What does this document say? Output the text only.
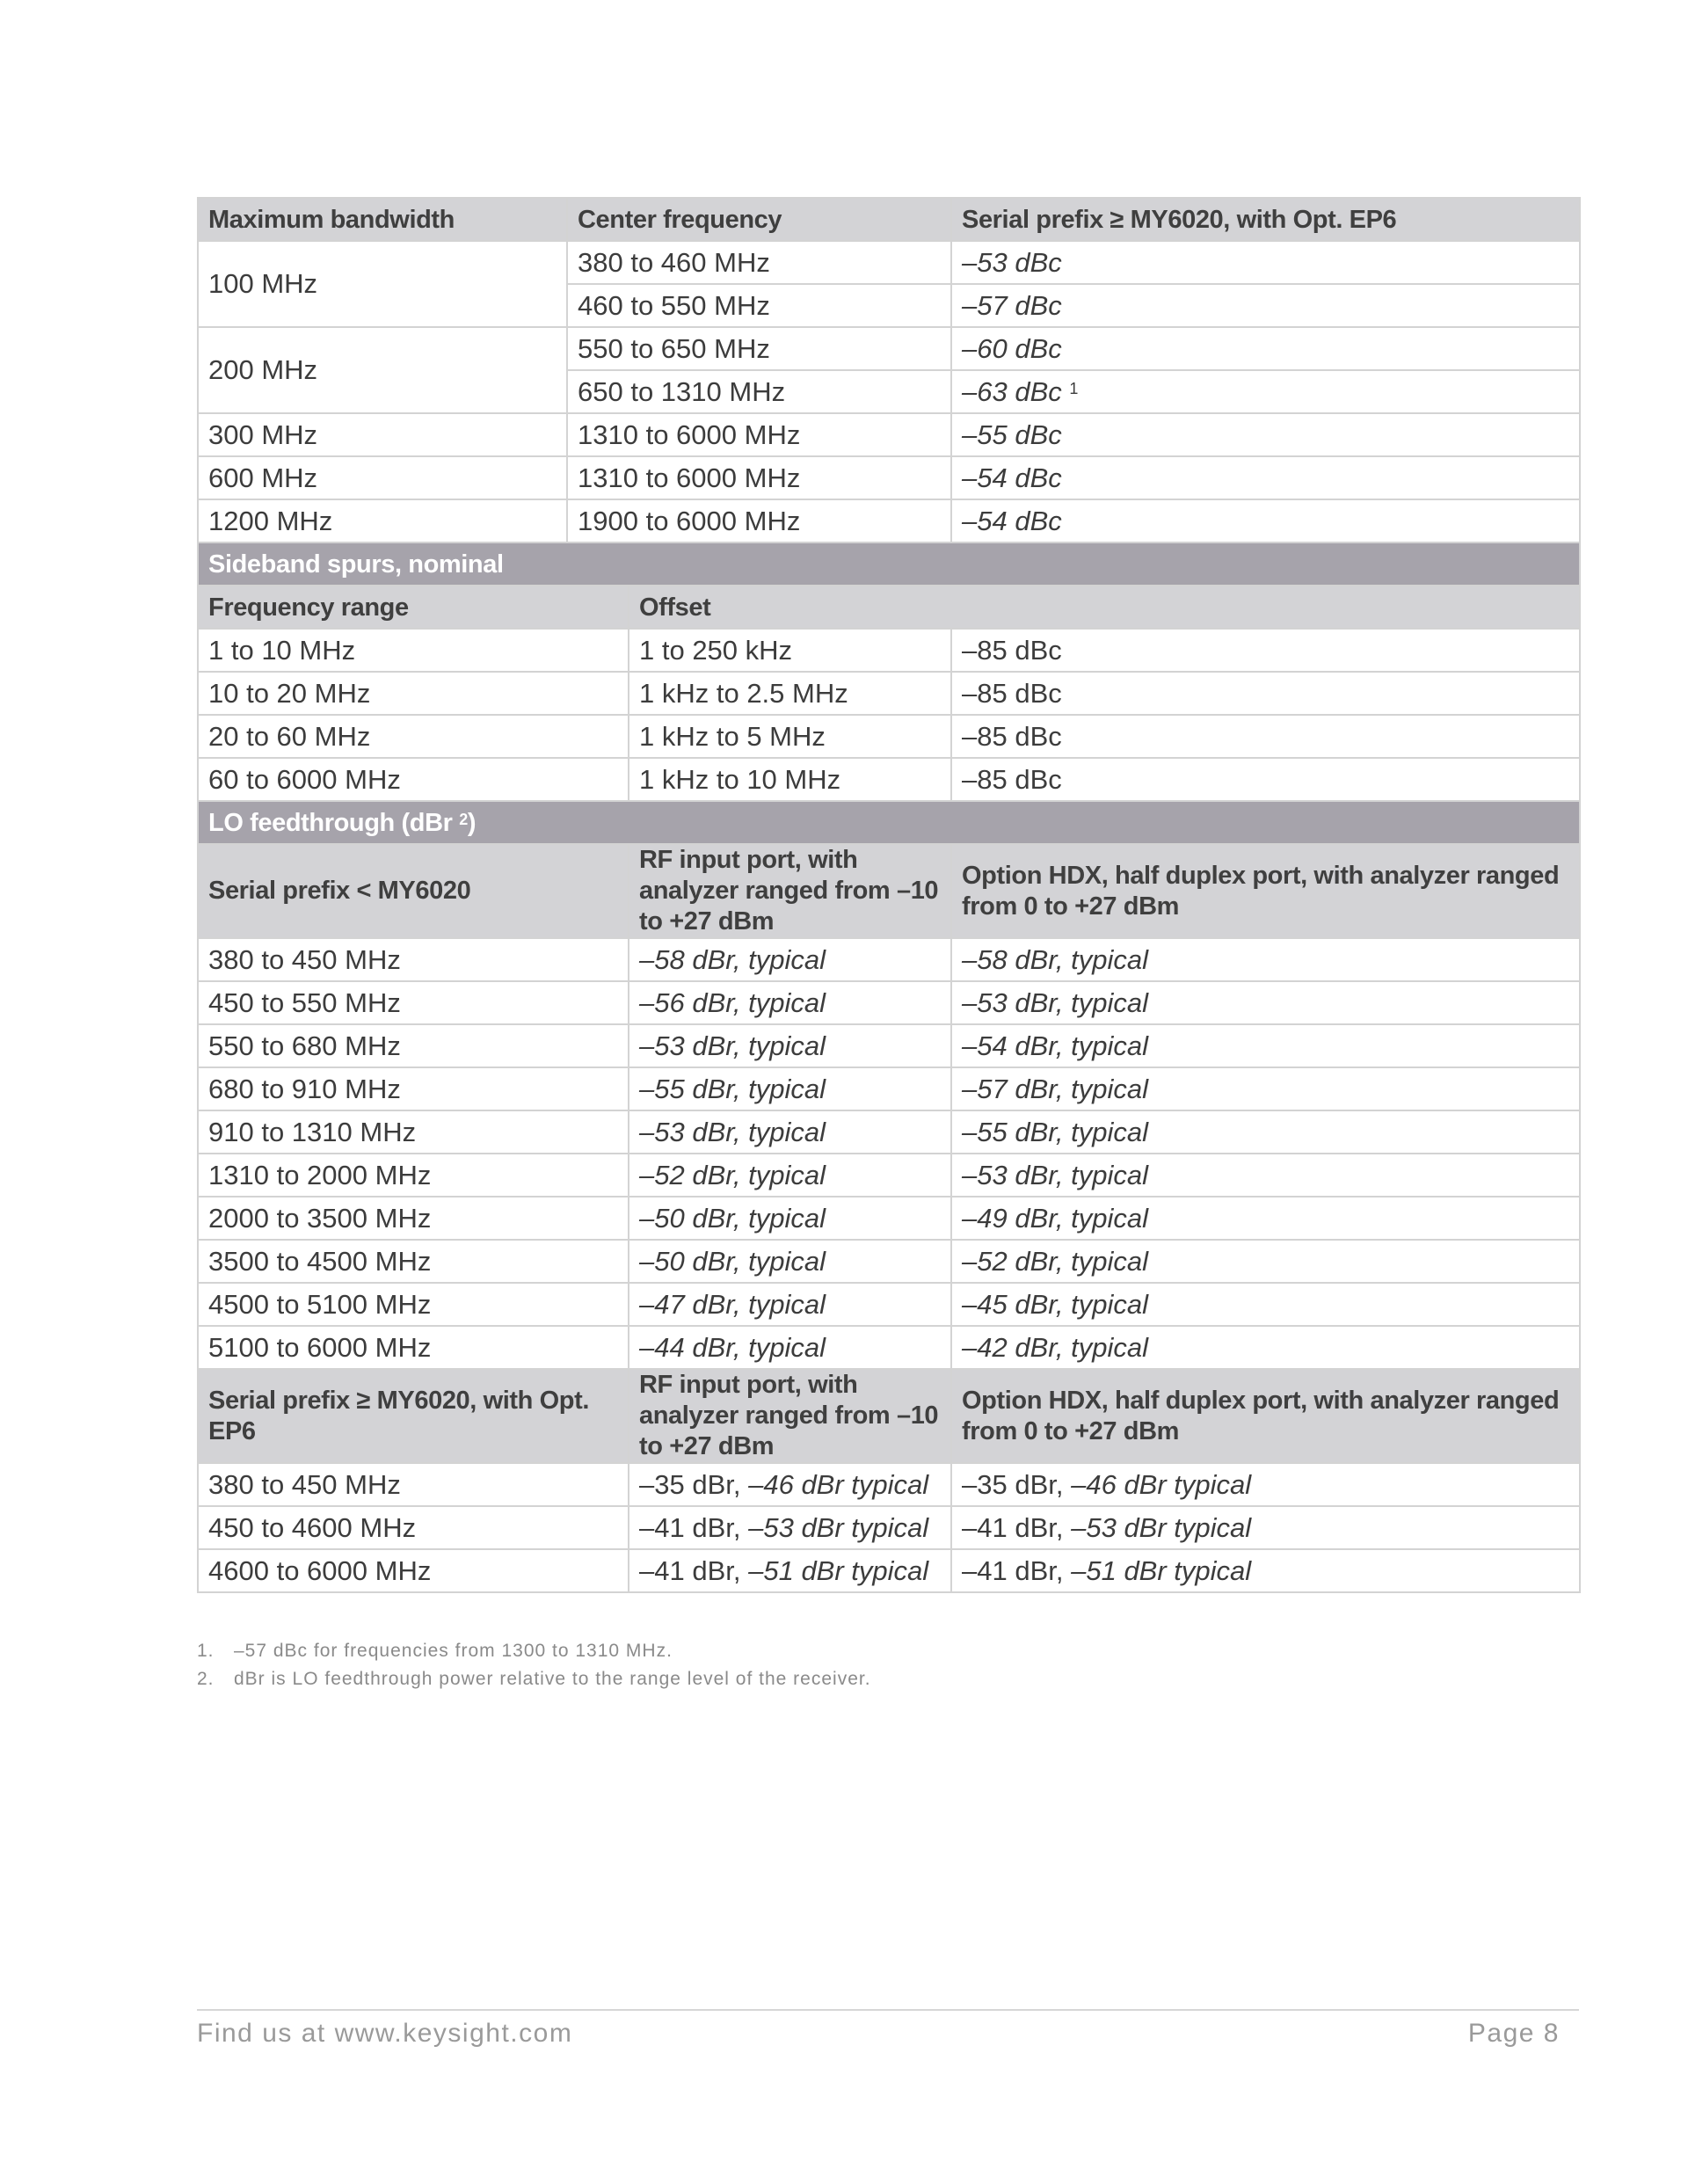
Maximum bandwidth	Center frequency		Serial prefix ≥ MY6020, with Opt. EP6
100 MHz	380 to 460 MHz		–53 dBc
	460 to 550 MHz		–57 dBc
200 MHz	550 to 650 MHz		–60 dBc
	650 to 1310 MHz		–63 dBc $^1$
300 MHz	1310 to 6000 MHz		–55 dBc
600 MHz	1310 to 6000 MHz		–54 dBc
1200 MHz	1900 to 6000 MHz		–54 dBc
Sideband spurs, nominal			
Frequency range		Offset	
1 to 10 MHz		1 to 250 kHz	–85 dBc
10 to 20 MHz		1 kHz to 2.5 MHz	–85 dBc
20 to 60 MHz		1 kHz to 5 MHz	–85 dBc
60 to 6000 MHz		1 kHz to 10 MHz	–85 dBc
LO feedthrough (dBr $^2$)			
Serial prefix < MY6020		RF input port, with analyzer ranged from –10 to +27 dBm	Option HDX, half duplex port, with analyzer ranged from 0 to +27 dBm
380 to 450 MHz		–58 dBr, typical	–58 dBr, typical
450 to 550 MHz		–56 dBr, typical	–53 dBr, typical
550 to 680 MHz		–53 dBr, typical	–54 dBr, typical
680 to 910 MHz		–55 dBr, typical	–57 dBr, typical
910 to 1310 MHz		–53 dBr, typical	–55 dBr, typical
1310 to 2000 MHz		–52 dBr, typical	–53 dBr, typical
2000 to 3500 MHz		–50 dBr, typical	–49 dBr, typical
3500 to 4500 MHz		–50 dBr, typical	–52 dBr, typical
4500 to 5100 MHz		–47 dBr, typical	–45 dBr, typical
5100 to 6000 MHz		–44 dBr, typical	–42 dBr, typical
Serial prefix ≥ MY6020, with Opt. EP6		RF input port, with analyzer ranged from –10 to +27 dBm	Option HDX, half duplex port, with analyzer ranged from 0 to +27 dBm
380 to 450 MHz		–35 dBr, –46 dBr typical	–35 dBr, –46 dBr typical
450 to 4600 MHz		–41 dBr, –53 dBr typical	–41 dBr, –53 dBr typical
4600 to 6000 MHz		–41 dBr, –51 dBr typical	–41 dBr, –51 dBr typical
1. –57 dBc for frequencies from 1300 to 1310 MHz.
2. dBr is LO feedthrough power relative to the range level of the receiver.
Find us at www.keysight.com	Page 8
